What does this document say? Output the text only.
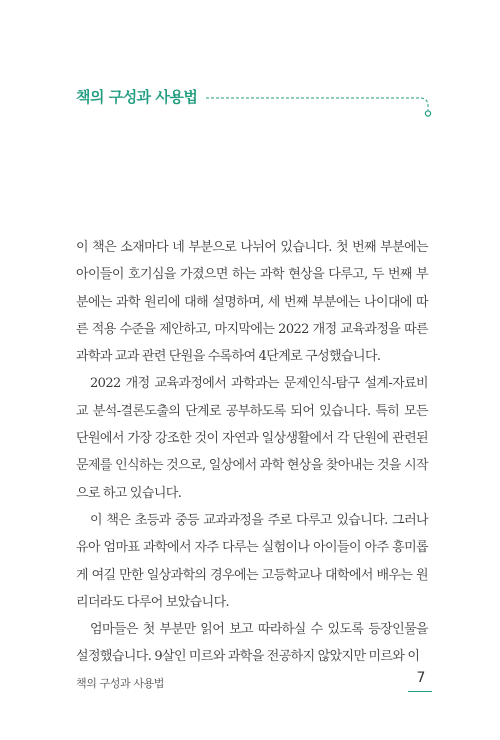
책의 구성과 사용법

이 책은 소재마다 네 부분으로 나뉘어 있습니다. 첫 번째 부분에는 아이들이 호기심을 가졌으면 하는 과학 현상을 다루고, 두 번째 부분에는 과학 원리에 대해 설명하며, 세 번째 부분에는 나이대에 따른 적용 수준을 제안하고, 마지막에는 2022 개정 교육과정을 따른 과학과 교과 관련 단원을 수록하여 4단계로 구성했습니다.

2022 개정 교육과정에서 과학과는 문제인식-탐구 설계-자료비교 분석-결론도출의 단계로 공부하도록 되어 있습니다. 특히 모든 단원에서 가장 강조한 것이 자연과 일상생활에서 각 단원에 관련된 문제를 인식하는 것으로, 일상에서 과학 현상을 찾아내는 것을 시작으로 하고 있습니다.

이 책은 초등과 중등 교과과정을 주로 다루고 있습니다. 그러나 유아 엄마표 과학에서 자주 다루는 실험이나 아이들이 아주 흥미롭게 여길 만한 일상과학의 경우에는 고등학교나 대학에서 배우는 원리더라도 다루어 보았습니다.

엄마들은 첫 부분만 읽어 보고 따라하실 수 있도록 등장인물을 설정했습니다. 9살인 미르와 과학을 전공하지 않았지만 미르와 이

책의 구성과 사용법	7
